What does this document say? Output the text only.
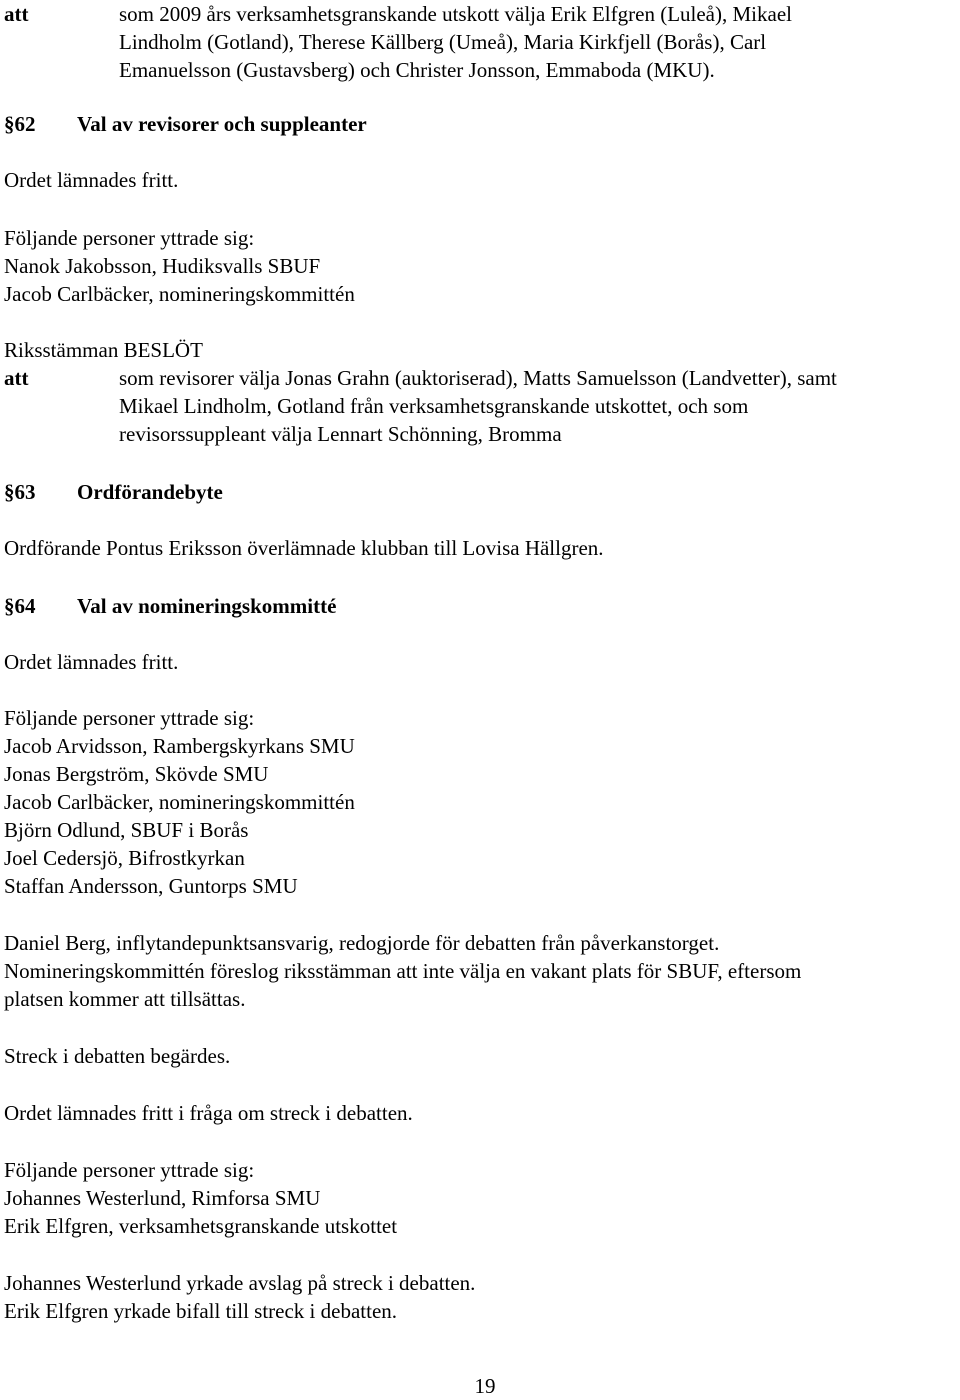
att	som 2009 års verksamhetsgranskande utskott välja Erik Elfgren (Luleå), Mikael
Lindholm (Gotland), Therese Källberg (Umeå), Maria Kirkfjell (Borås), Carl
Emanuelsson (Gustavsberg) och Christer Jonsson, Emmaboda (MKU).
§62 Val av revisorer och suppleanter
Ordet lämnades fritt.
Följande personer yttrade sig:
Nanok Jakobsson, Hudiksvalls SBUF
Jacob Carlbäcker, nomineringskommittén
Riksstämman BESLÖT
att	som revisorer välja Jonas Grahn (auktoriserad), Matts Samuelsson (Landvetter), samt
Mikael Lindholm, Gotland från verksamhetsgranskande utskottet, och som
revisorssuppleant välja Lennart Schönning, Bromma
§63 Ordförandebyte
Ordförande Pontus Eriksson överlämnade klubban till Lovisa Hällgren.
§64 Val av nomineringskommitté
Ordet lämnades fritt.
Följande personer yttrade sig:
Jacob Arvidsson, Rambergskyrkans SMU
Jonas Bergström, Skövde SMU
Jacob Carlbäcker, nomineringskommittén
Björn Odlund, SBUF i Borås
Joel Cedersjö, Bifrostkyrkan
Staffan Andersson, Guntorps SMU
Daniel Berg, inflytandepunktsansvarig, redogjorde för debatten från påverkanstorget.
Nomineringskommittén föreslog riksstämman att inte välja en vakant plats för SBUF, eftersom
platsen kommer att tillsättas.
Streck i debatten begärdes.
Ordet lämnades fritt i fråga om streck i debatten.
Följande personer yttrade sig:
Johannes Westerlund, Rimforsa SMU
Erik Elfgren, verksamhetsgranskande utskottet
Johannes Westerlund yrkade avslag på streck i debatten.
Erik Elfgren yrkade bifall till streck i debatten.
19
